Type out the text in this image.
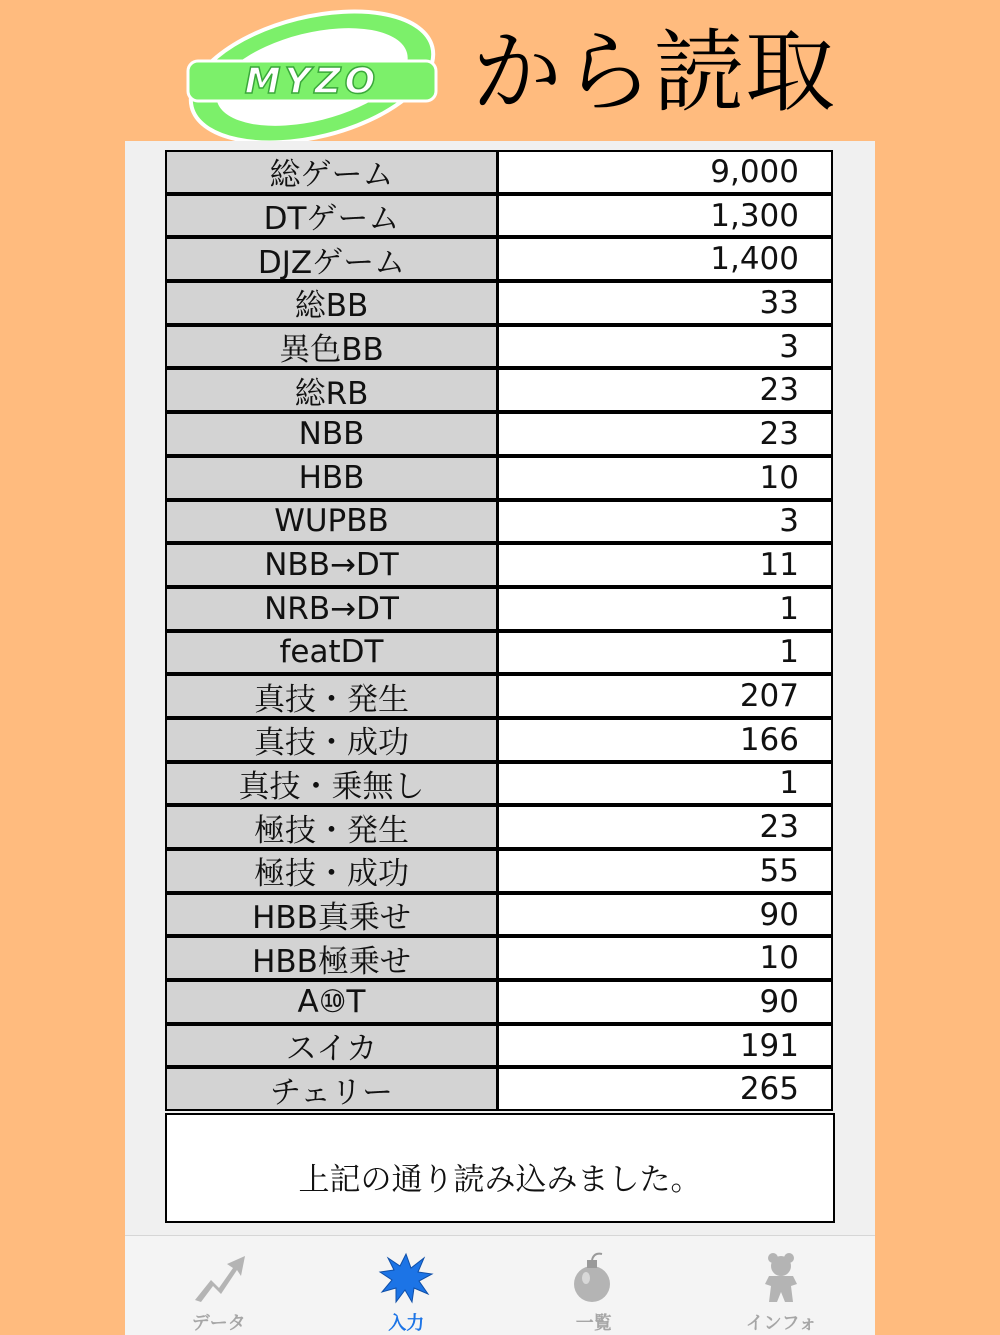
MYZO から読取
総ゲーム	9,000
DTゲーム	1,300
DJZゲーム	1,400
総BB	33
異色BB	3
総RB	23
NBB	23
HBB	10
WUPBB	3
NBB→DT	11
NRB→DT	1
featDT	1
真技・発生	207
真技・成功	166
真技・乗無し	1
極技・発生	23
極技・成功	55
HBB真乗せ	90
HBB極乗せ	10
A⑩T	90
スイカ	191
チェリー	265
上記の通り読み込みました。
データ	入力	一覧	インフォ
